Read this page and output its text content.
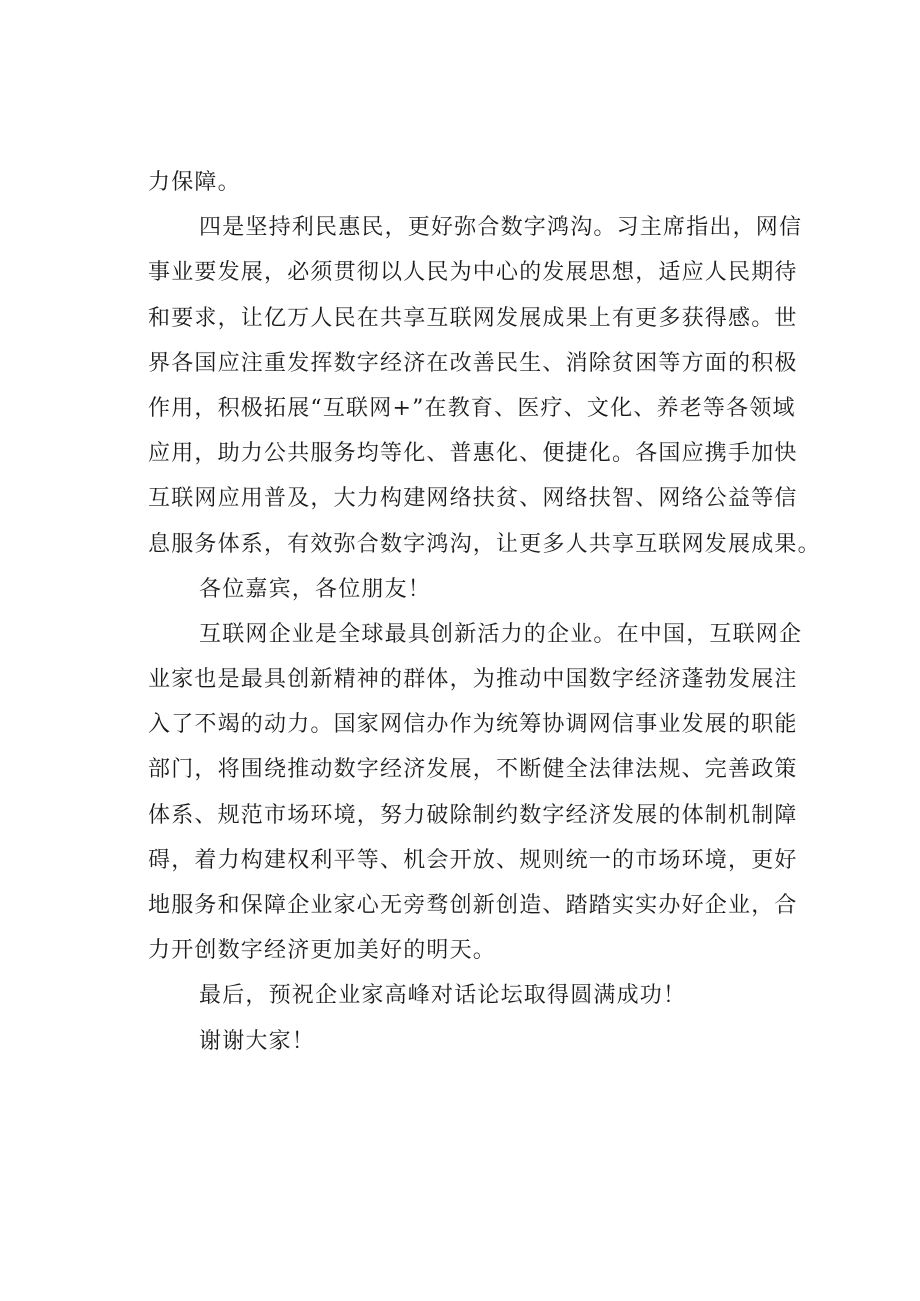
力保障。
四是坚持利民惠民，更好弥合数字鸿沟。习主席指出，网信
事业要发展，必须贯彻以人民为中心的发展思想，适应人民期待
和要求，让亿万人民在共享互联网发展成果上有更多获得感。世
界各国应注重发挥数字经济在改善民生、消除贫困等方面的积极
作用，积极拓展“互联网+”在教育、医疗、文化、养老等各领域
应用，助力公共服务均等化、普惠化、便捷化。各国应携手加快
互联网应用普及，大力构建网络扶贫、网络扶智、网络公益等信
息服务体系，有效弥合数字鸿沟，让更多人共享互联网发展成果。
各位嘉宾，各位朋友！
互联网企业是全球最具创新活力的企业。在中国，互联网企
业家也是最具创新精神的群体，为推动中国数字经济蓬勃发展注
入了不竭的动力。国家网信办作为统筹协调网信事业发展的职能
部门，将围绕推动数字经济发展，不断健全法律法规、完善政策
体系、规范市场环境，努力破除制约数字经济发展的体制机制障
碍，着力构建权利平等、机会开放、规则统一的市场环境，更好
地服务和保障企业家心无旁骛创新创造、踏踏实实办好企业，合
力开创数字经济更加美好的明天。
最后，预祝企业家高峰对话论坛取得圆满成功！
谢谢大家！
